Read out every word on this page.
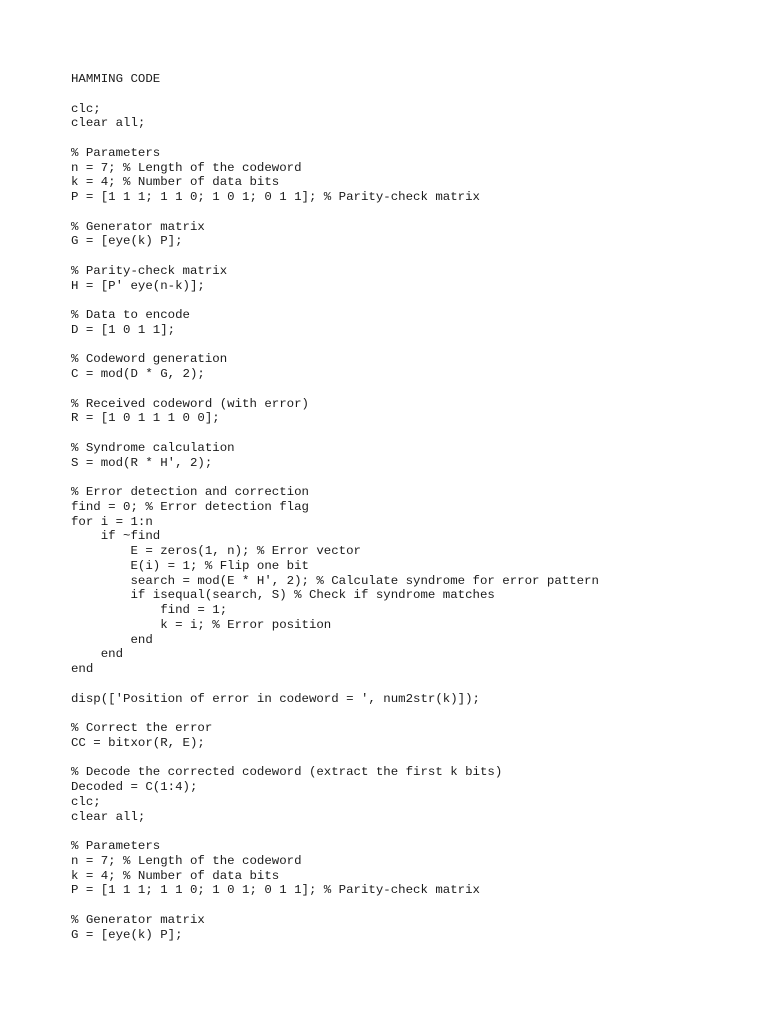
HAMMING CODE
clc;
clear all;
% Parameters
n = 7; % Length of the codeword
k = 4; % Number of data bits
P = [1 1 1; 1 1 0; 1 0 1; 0 1 1]; % Parity-check matrix
% Generator matrix
G = [eye(k) P];
% Parity-check matrix
H = [P' eye(n-k)];
% Data to encode
D = [1 0 1 1];
% Codeword generation
C = mod(D * G, 2);
% Received codeword (with error)
R = [1 0 1 1 1 0 0];
% Syndrome calculation
S = mod(R * H', 2);
% Error detection and correction
find = 0; % Error detection flag
for i = 1:n
if ~find
E = zeros(1, n); % Error vector
E(i) = 1; % Flip one bit
search = mod(E * H', 2); % Calculate syndrome for error pattern
if isequal(search, S) % Check if syndrome matches
find = 1;
k = i; % Error position
end
end
end
disp(['Position of error in codeword = ', num2str(k)]);
% Correct the error
CC = bitxor(R, E);
% Decode the corrected codeword (extract the first k bits)
Decoded = C(1:4);
clc;
clear all;
% Parameters
n = 7; % Length of the codeword
k = 4; % Number of data bits
P = [1 1 1; 1 1 0; 1 0 1; 0 1 1]; % Parity-check matrix
% Generator matrix
G = [eye(k) P];
